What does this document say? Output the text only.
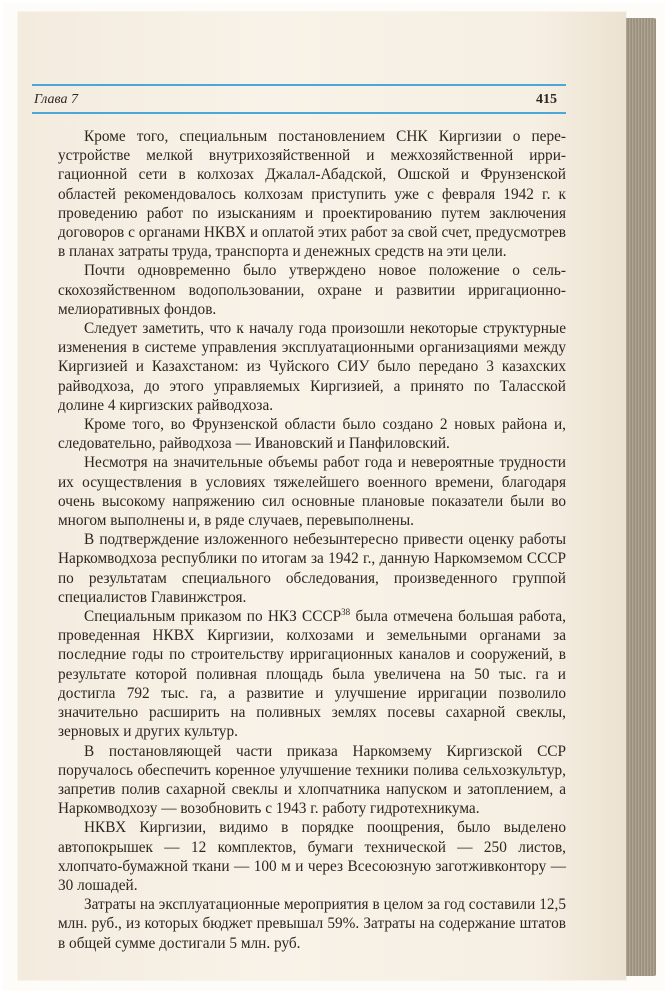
Глава 7	415

Кроме того, специальным постановлением СНК Киргизии о переустройстве мелкой внутрихозяйственной и межхозяйственной ирригационной сети в колхозах Джалал-Абадской, Ошской и Фрунзенской областей рекомендовалось колхозам приступить уже с февраля 1942 г. к проведению работ по изысканиям и проектированию путем заключения договоров с органами НКВХ и оплатой этих работ за свой счет, предусмотрев в планах затраты труда, транспорта и денежных средств на эти цели.

Почти одновременно было утверждено новое положение о сельскохозяйственном водопользовании, охране и развитии ирригационно-мелиоративных фондов.

Следует заметить, что к началу года произошли некоторые структурные изменения в системе управления эксплуатационными организациями между Киргизией и Казахстаном: из Чуйского СИУ было передано 3 казахских райводхоза, до этого управляемых Киргизией, а принято по Таласской долине 4 киргизских райводхоза.

Кроме того, во Фрунзенской области было создано 2 новых района и, следовательно, райводхоза — Ивановский и Панфиловский.

Несмотря на значительные объемы работ года и невероятные трудности их осуществления в условиях тяжелейшего военного времени, благодаря очень высокому напряжению сил основные плановые показатели были во многом выполнены и, в ряде случаев, перевыполнены.

В подтверждение изложенного небезынтересно привести оценку работы Наркомводхоза республики по итогам за 1942 г., данную Наркомземом СССР по результатам специального обследования, произведенного группой специалистов Главинжстроя.

Специальным приказом по НКЗ СССР$^{38}$ была отмечена большая работа, проведенная НКВХ Киргизии, колхозами и земельными органами за последние годы по строительству ирригационных каналов и сооружений, в результате которой поливная площадь была увеличена на 50 тыс. га и достигла 792 тыс. га, а развитие и улучшение ирригации позволило значительно расширить на поливных землях посевы сахарной свеклы, зерновых и других культур.

В постановляющей части приказа Наркомзему Киргизской ССР поручалось обеспечить коренное улучшение техники полива сельхозкультур, запретив полив сахарной свеклы и хлопчатника напуском и затоплением, а Наркомводхозу — возобновить с 1943 г. работу гидротехникума.

НКВХ Киргизии, видимо в порядке поощрения, было выделено автопокрышек — 12 комплектов, бумаги технической — 250 листов, хлопчато-бумажной ткани — 100 м и через Всесоюзную заготживконтору — 30 лошадей.

Затраты на эксплуатационные мероприятия в целом за год составили 12,5 млн. руб., из которых бюджет превышал 59%. Затраты на содержание штатов в общей сумме достигали 5 млн. руб.
